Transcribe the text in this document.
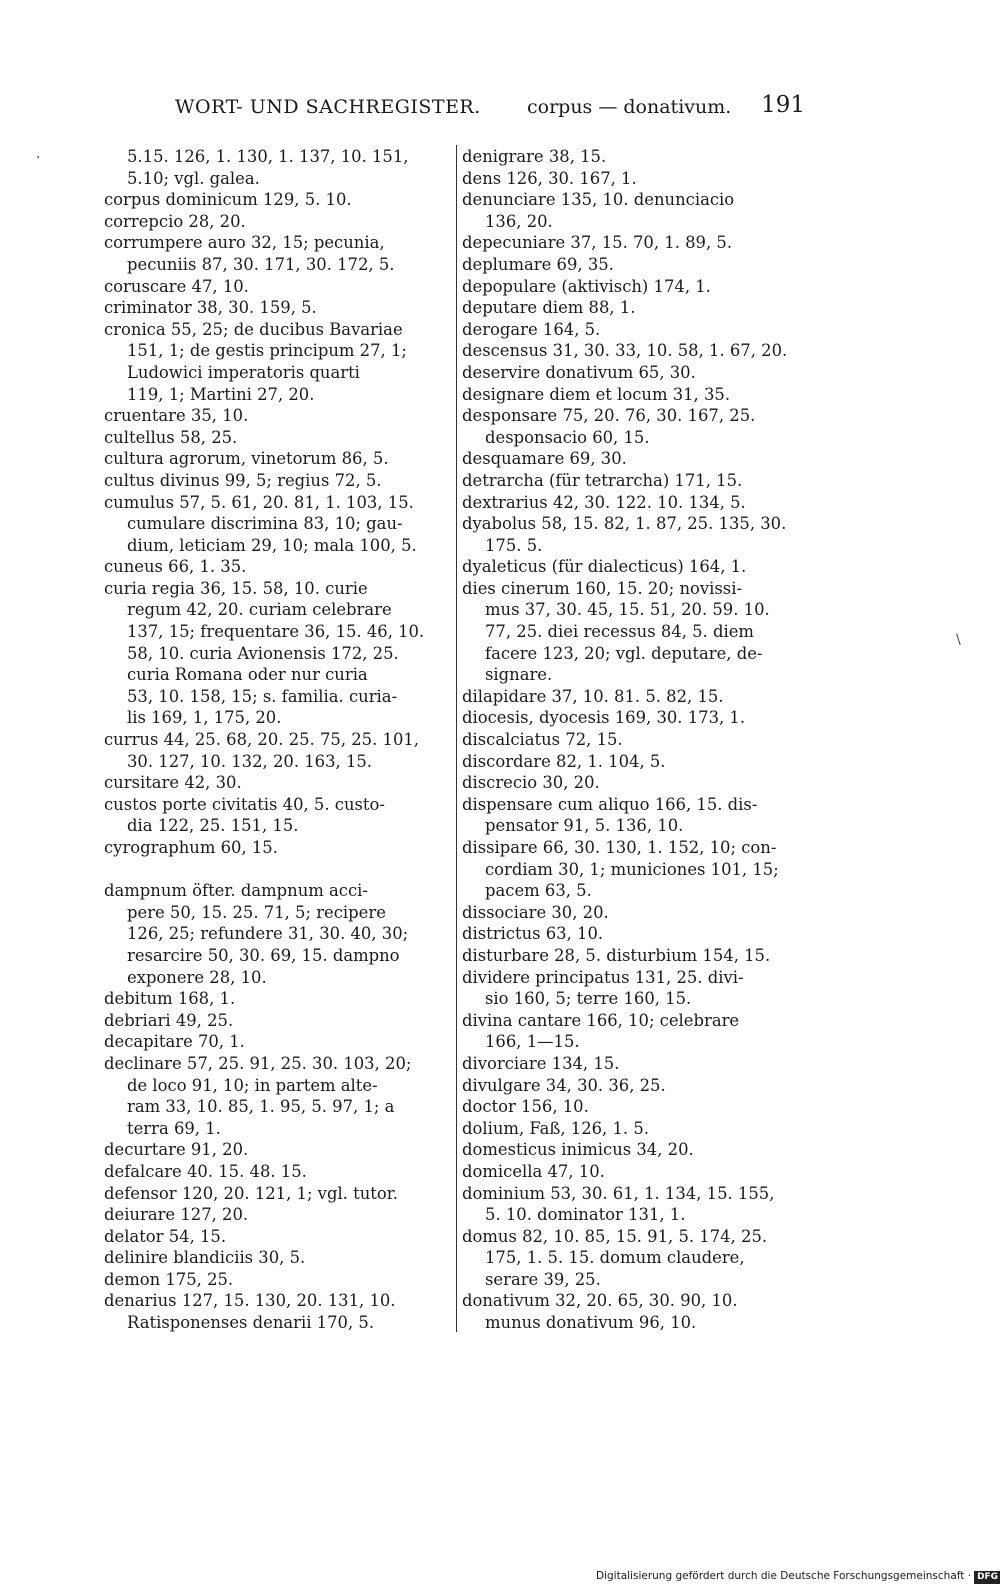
WORT- UND SACHREGISTER. corpus — donativum. 191
5.15. 126, 1. 130, 1. 137, 10. 151,
5.10; vgl. galea.
corpus dominicum 129, 5. 10.
correpcio 28, 20.
corrumpere auro 32, 15; pecunia,
pecuniis 87, 30. 171, 30. 172, 5.
coruscare 47, 10.
criminator 38, 30. 159, 5.
cronica 55, 25; de ducibus Bavariae
151, 1; de gestis principum 27, 1;
Ludowici imperatoris quarti
119, 1; Martini 27, 20.
cruentare 35, 10.
cultellus 58, 25.
cultura agrorum, vinetorum 86, 5.
cultus divinus 99, 5; regius 72, 5.
cumulus 57, 5. 61, 20. 81, 1. 103, 15.
cumulare discrimina 83, 10; gau-
dium, leticiam 29, 10; mala 100, 5.
cuneus 66, 1. 35.
curia regia 36, 15. 58, 10. curie
regum 42, 20. curiam celebrare
137, 15; frequentare 36, 15. 46, 10.
58, 10. curia Avionensis 172, 25.
curia Romana oder nur curia
53, 10. 158, 15; s. familia. curia-
lis 169, 1, 175, 20.
currus 44, 25. 68, 20. 25. 75, 25. 101,
30. 127, 10. 132, 20. 163, 15.
cursitare 42, 30.
custos porte civitatis 40, 5. custo-
dia 122, 25. 151, 15.
cyrographum 60, 15.
dampnum öfter. dampnum acci-
pere 50, 15. 25. 71, 5; recipere
126, 25; refundere 31, 30. 40, 30;
resarcire 50, 30. 69, 15. dampno
exponere 28, 10.
debitum 168, 1.
debriari 49, 25.
decapitare 70, 1.
declinare 57, 25. 91, 25. 30. 103, 20;
de loco 91, 10; in partem alte-
ram 33, 10. 85, 1. 95, 5. 97, 1; a
terra 69, 1.
decurtare 91, 20.
defalcare 40. 15. 48. 15.
defensor 120, 20. 121, 1; vgl. tutor.
deiurare 127, 20.
delator 54, 15.
delinire blandiciis 30, 5.
demon 175, 25.
denarius 127, 15. 130, 20. 131, 10.
Ratisponenses denarii 170, 5.
denigrare 38, 15.
dens 126, 30. 167, 1.
denunciare 135, 10. denunciacio
136, 20.
depecuniare 37, 15. 70, 1. 89, 5.
deplumare 69, 35.
depopulare (aktivisch) 174, 1.
deputare diem 88, 1.
derogare 164, 5.
descensus 31, 30. 33, 10. 58, 1. 67, 20.
deservire donativum 65, 30.
designare diem et locum 31, 35.
desponsare 75, 20. 76, 30. 167, 25.
desponsacio 60, 15.
desquamare 69, 30.
detrarcha (für tetrarcha) 171, 15.
dextrarius 42, 30. 122. 10. 134, 5.
dyabolus 58, 15. 82, 1. 87, 25. 135, 30.
175. 5.
dyaleticus (für dialecticus) 164, 1.
dies cinerum 160, 15. 20; novissi-
mus 37, 30. 45, 15. 51, 20. 59. 10.
77, 25. diei recessus 84, 5. diem
facere 123, 20; vgl. deputare, de-
signare.
dilapidare 37, 10. 81. 5. 82, 15.
diocesis, dyocesis 169, 30. 173, 1.
discalciatus 72, 15.
discordare 82, 1. 104, 5.
discrecio 30, 20.
dispensare cum aliquo 166, 15. dis-
pensator 91, 5. 136, 10.
dissipare 66, 30. 130, 1. 152, 10; con-
cordiam 30, 1; municiones 101, 15;
pacem 63, 5.
dissociare 30, 20.
districtus 63, 10.
disturbare 28, 5. disturbium 154, 15.
dividere principatus 131, 25. divi-
sio 160, 5; terre 160, 15.
divina cantare 166, 10; celebrare
166, 1—15.
divorciare 134, 15.
divulgare 34, 30. 36, 25.
doctor 156, 10.
dolium, Faß, 126, 1. 5.
domesticus inimicus 34, 20.
domicella 47, 10.
dominium 53, 30. 61, 1. 134, 15. 155,
5. 10. dominator 131, 1.
domus 82, 10. 85, 15. 91, 5. 174, 25.
175, 1. 5. 15. domum claudere,
serare 39, 25.
donativum 32, 20. 65, 30. 90, 10.
munus donativum 96, 10.
·
\
Digitalisierung gefördert durch die Deutsche Forschungsgemeinschaft · DFG
